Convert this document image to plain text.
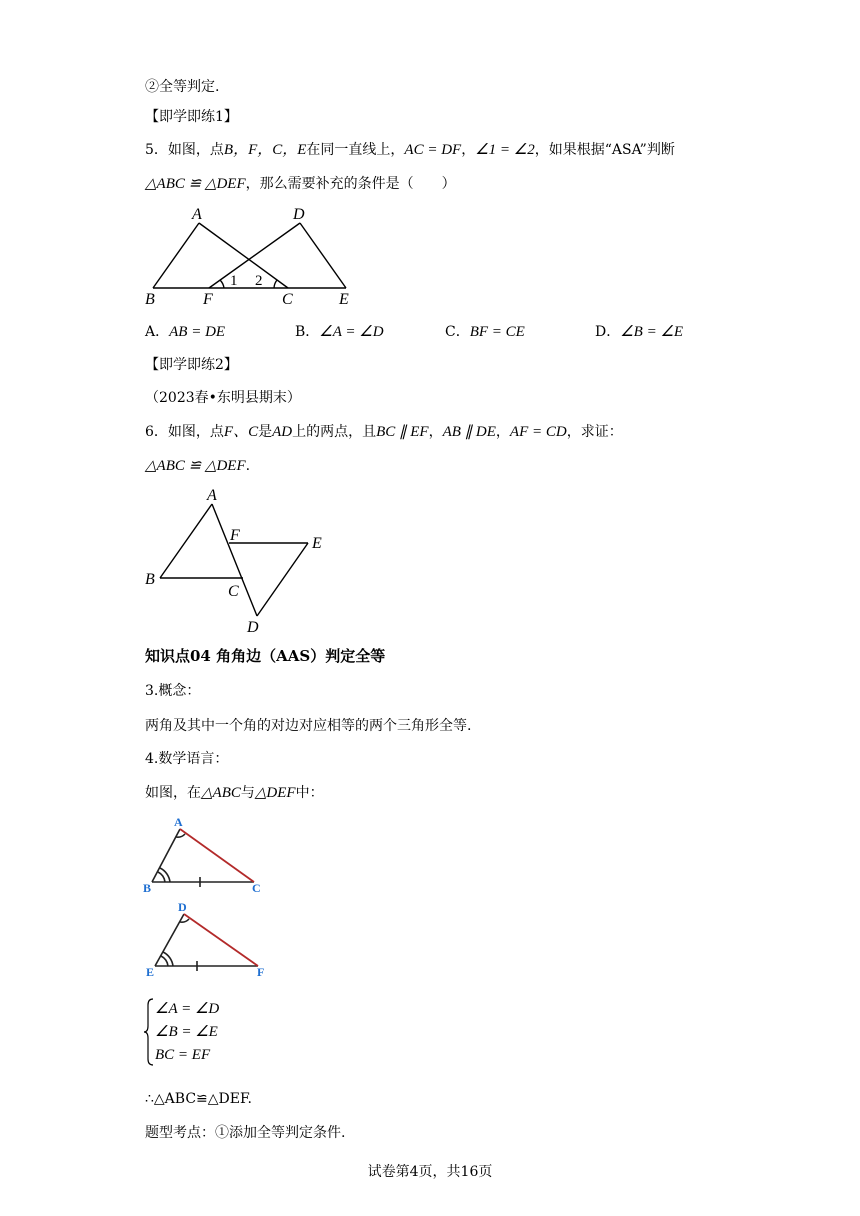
②全等判定.
【即学即练1】
5．如图，点B，F，C，E在同一直线上，AC = DF，∠1 = ∠2，如果根据“ASA”判断
△ABC ≌ △DEF，那么需要补充的条件是（　　）
A	D
B	F	C	E
1 2
A．AB = DE	B．∠A = ∠D	C．BF = CE	D．∠B = ∠E
【即学即练2】
（2023春•东明县期末）
6．如图，点F、C是AD上的两点，且BC ∥ EF，AB ∥ DE，AF = CD，求证：
△ABC ≌ △DEF.
A
F	E
B
C
D
知识点04 角角边（AAS）判定全等
3.概念：
两角及其中一个角的对边对应相等的两个三角形全等.
4.数学语言：
如图，在△ABC与△DEF中：
A
B	C
D
E	F
∠A = ∠D
∠B = ∠E
BC = EF
∴△ABC≌△DEF.
题型考点：①添加全等判定条件.
试卷第4页，共16页
